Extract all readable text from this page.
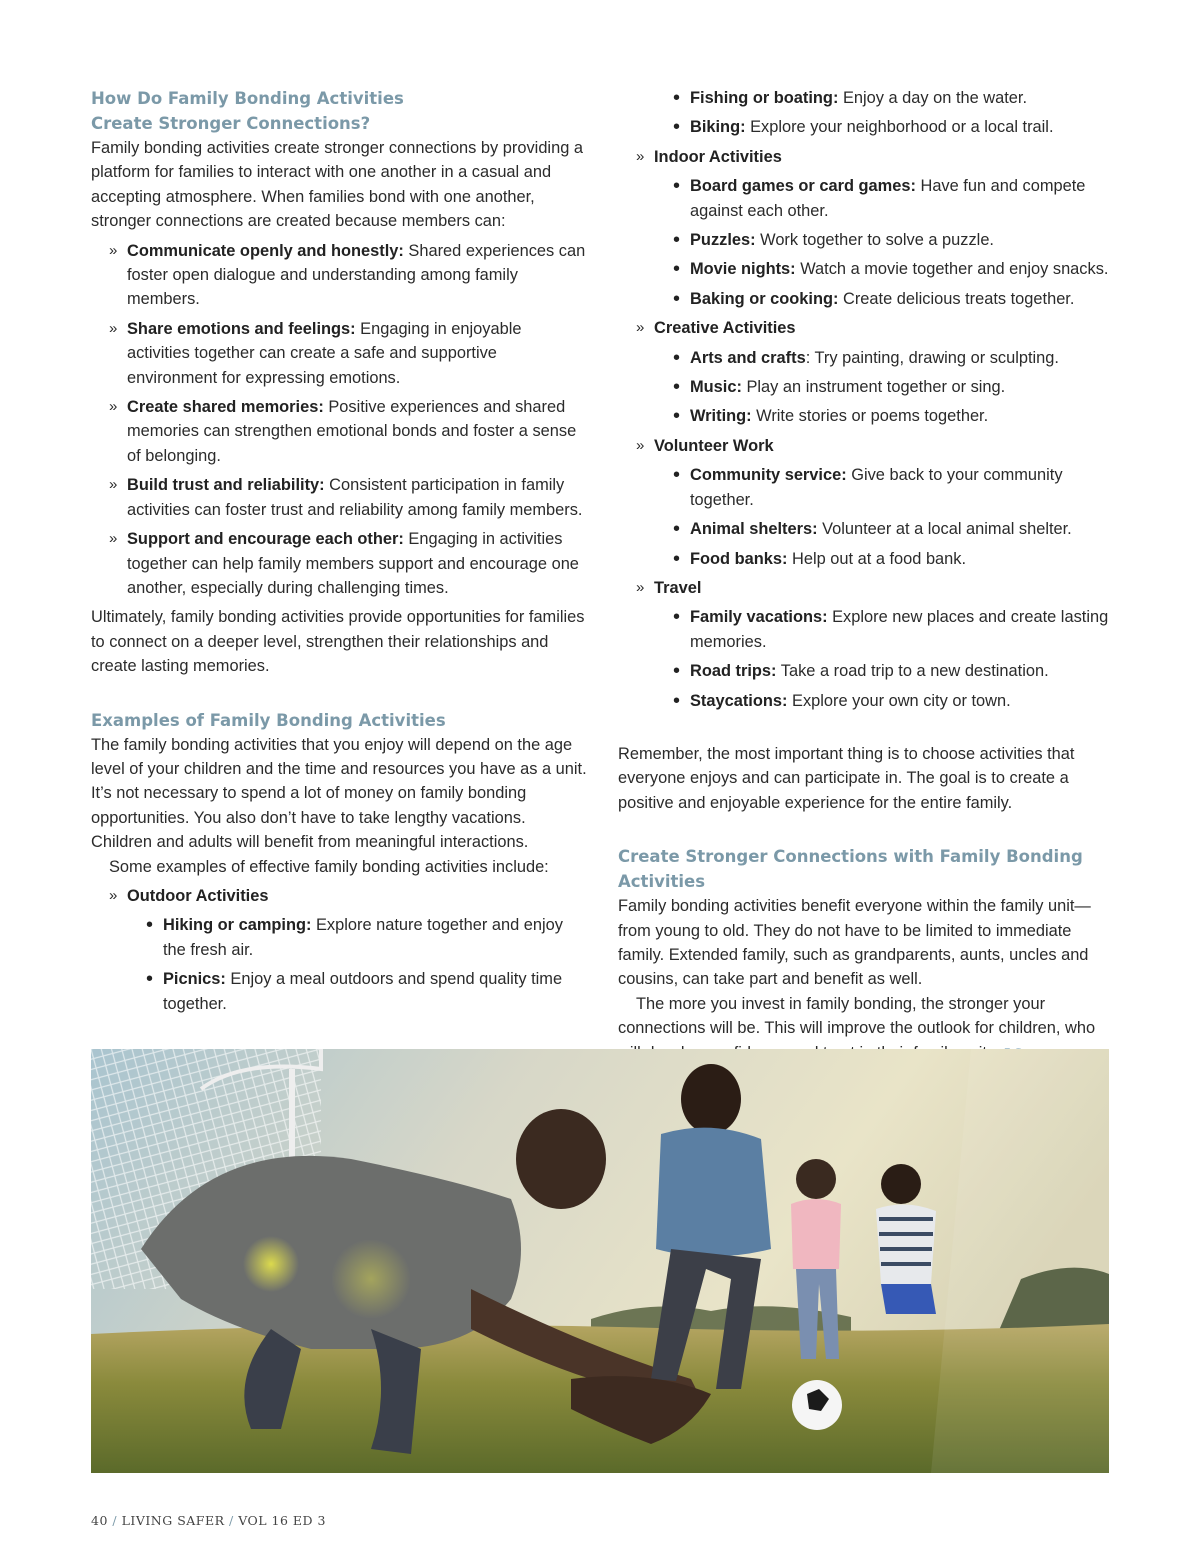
How Do Family Bonding Activities Create Stronger Connections?

Family bonding activities create stronger connections by providing a platform for families to interact with one another in a casual and accepting atmosphere. When families bond with one another, stronger connections are created because members can:

» Communicate openly and honestly: Shared experiences can foster open dialogue and understanding among family members.
» Share emotions and feelings: Engaging in enjoyable activities together can create a safe and supportive environment for expressing emotions.
» Create shared memories: Positive experiences and shared memories can strengthen emotional bonds and foster a sense of belonging.
» Build trust and reliability: Consistent participation in family activities can foster trust and reliability among family members.
» Support and encourage each other: Engaging in activities together can help family members support and encourage one another, especially during challenging times.

Ultimately, family bonding activities provide opportunities for families to connect on a deeper level, strengthen their relationships and create lasting memories.

Examples of Family Bonding Activities

The family bonding activities that you enjoy will depend on the age level of your children and the time and resources you have as a unit. It’s not necessary to spend a lot of money on family bonding opportunities. You also don’t have to take lengthy vacations. Children and adults will benefit from meaningful interactions.

Some examples of effective family bonding activities include:

» Outdoor Activities
• Hiking or camping: Explore nature together and enjoy the fresh air.
• Picnics: Enjoy a meal outdoors and spend quality time together.
• Fishing or boating: Enjoy a day on the water.
• Biking: Explore your neighborhood or a local trail.
» Indoor Activities
• Board games or card games: Have fun and compete against each other.
• Puzzles: Work together to solve a puzzle.
• Movie nights: Watch a movie together and enjoy snacks.
• Baking or cooking: Create delicious treats together.
» Creative Activities
• Arts and crafts: Try painting, drawing or sculpting.
• Music: Play an instrument together or sing.
• Writing: Write stories or poems together.
» Volunteer Work
• Community service: Give back to your community together.
• Animal shelters: Volunteer at a local animal shelter.
• Food banks: Help out at a food bank.
» Travel
• Family vacations: Explore new places and create lasting memories.
• Road trips: Take a road trip to a new destination.
• Staycations: Explore your own city or town.

Remember, the most important thing is to choose activities that everyone enjoys and can participate in. The goal is to create a positive and enjoyable experience for the entire family.

Create Stronger Connections with Family Bonding Activities

Family bonding activities benefit everyone within the family unit—from young to old. They do not have to be limited to immediate family. Extended family, such as grandparents, aunts, uncles and cousins, can take part and benefit as well.

The more you invest in family bonding, the stronger your connections will be. This will improve the outlook for children, who

40 / LIVING SAFER / VOL 16 ED 3
